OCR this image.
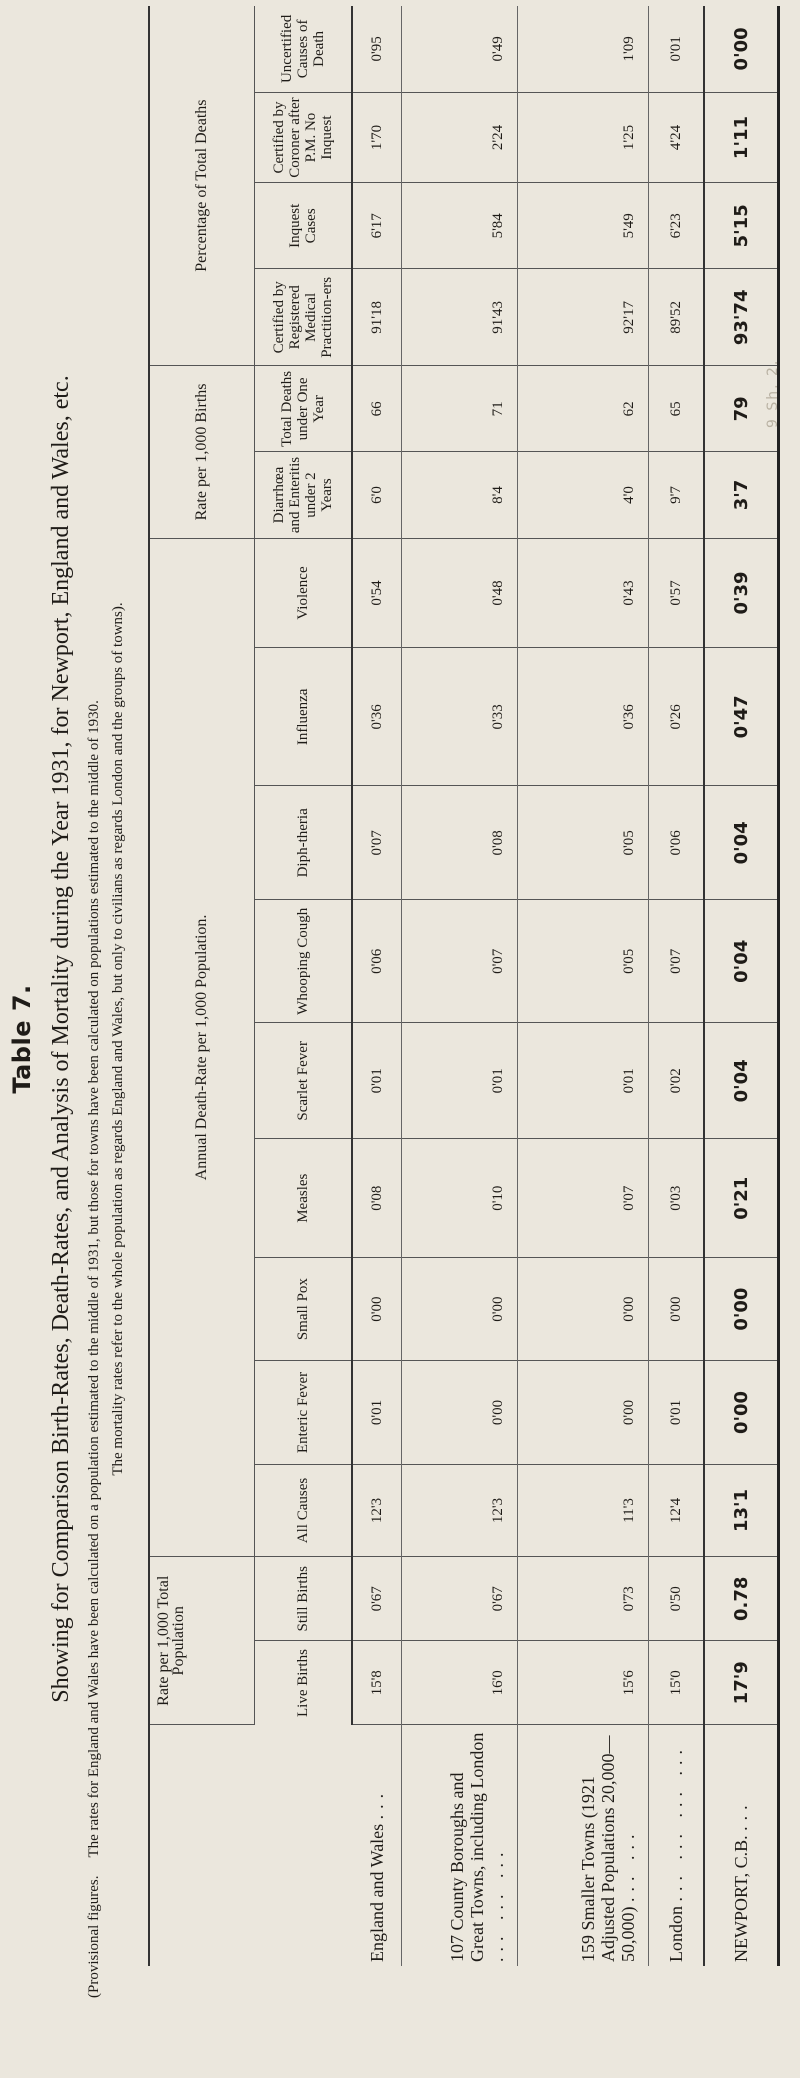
Table 7. Showing for Comparison Birth-Rates, Death-Rates, and Analysis of Mortality during the Year 1931, for Newport, England and Wales, etc.
(Provisional figures.The rates for England and Wales have been calculated on a population estimated to the middle of 1931, but those for towns have been calculated on populations estimated to the middle of 1930. The mortality rates refer to the whole population as regards England and Wales, but only to civilians as regards London and the groups of towns).
	Rate per 1,000 Total Population		Annual Death-Rate per 1,000 Population.									Rate per 1,000 Births		Percentage of Total Deaths			
	Live Births	Still Births	All Causes	Enteric Fever	Small Pox	Measles	Scarlet Fever	Whooping Cough	Diph-theria	Influenza	Violence	Diarrhœa and Enteritis under 2 Years	Total Deaths under One Year	Certified by Registered Medical Practition-ers	Inquest Cases	Certified by Coroner after P.M. No Inquest	Uncertified Causes of Death
England and Wales ...	15'8	0'67	12'3	0'01	0'00	0'08	0'01	0'06	0'07	0'36	0'54	6'0	66	91'18	6'17	1'70	0'95
107 County Boroughs and Great Towns, including London ... ... ...	16'0	0'67	12'3	0'00	0'00	0'10	0'01	0'07	0'08	0'33	0'48	8'4	71	91'43	5'84	2'24	0'49
159 Smaller Towns (1921 Adjusted Populations 20,000—50,000) ... ...	15'6	0'73	11'3	0'00	0'00	0'07	0'01	0'05	0'05	0'36	0'43	4'0	62	92'17	5'49	1'25	1'09
London ... ... ... ...	15'0	0'50	12'4	0'01	0'00	0'03	0'02	0'07	0'06	0'26	0'57	9'7	65	89'52	6'23	4'24	0'01
NEWPORT, C.B. ...	17'9	0.78	13'1	0'00	0'00	0'21	0'04	0'04	0'04	0'47	0'39	3'7	79	93'74	5'15	1'11	0'00
9 Sh. 2.
